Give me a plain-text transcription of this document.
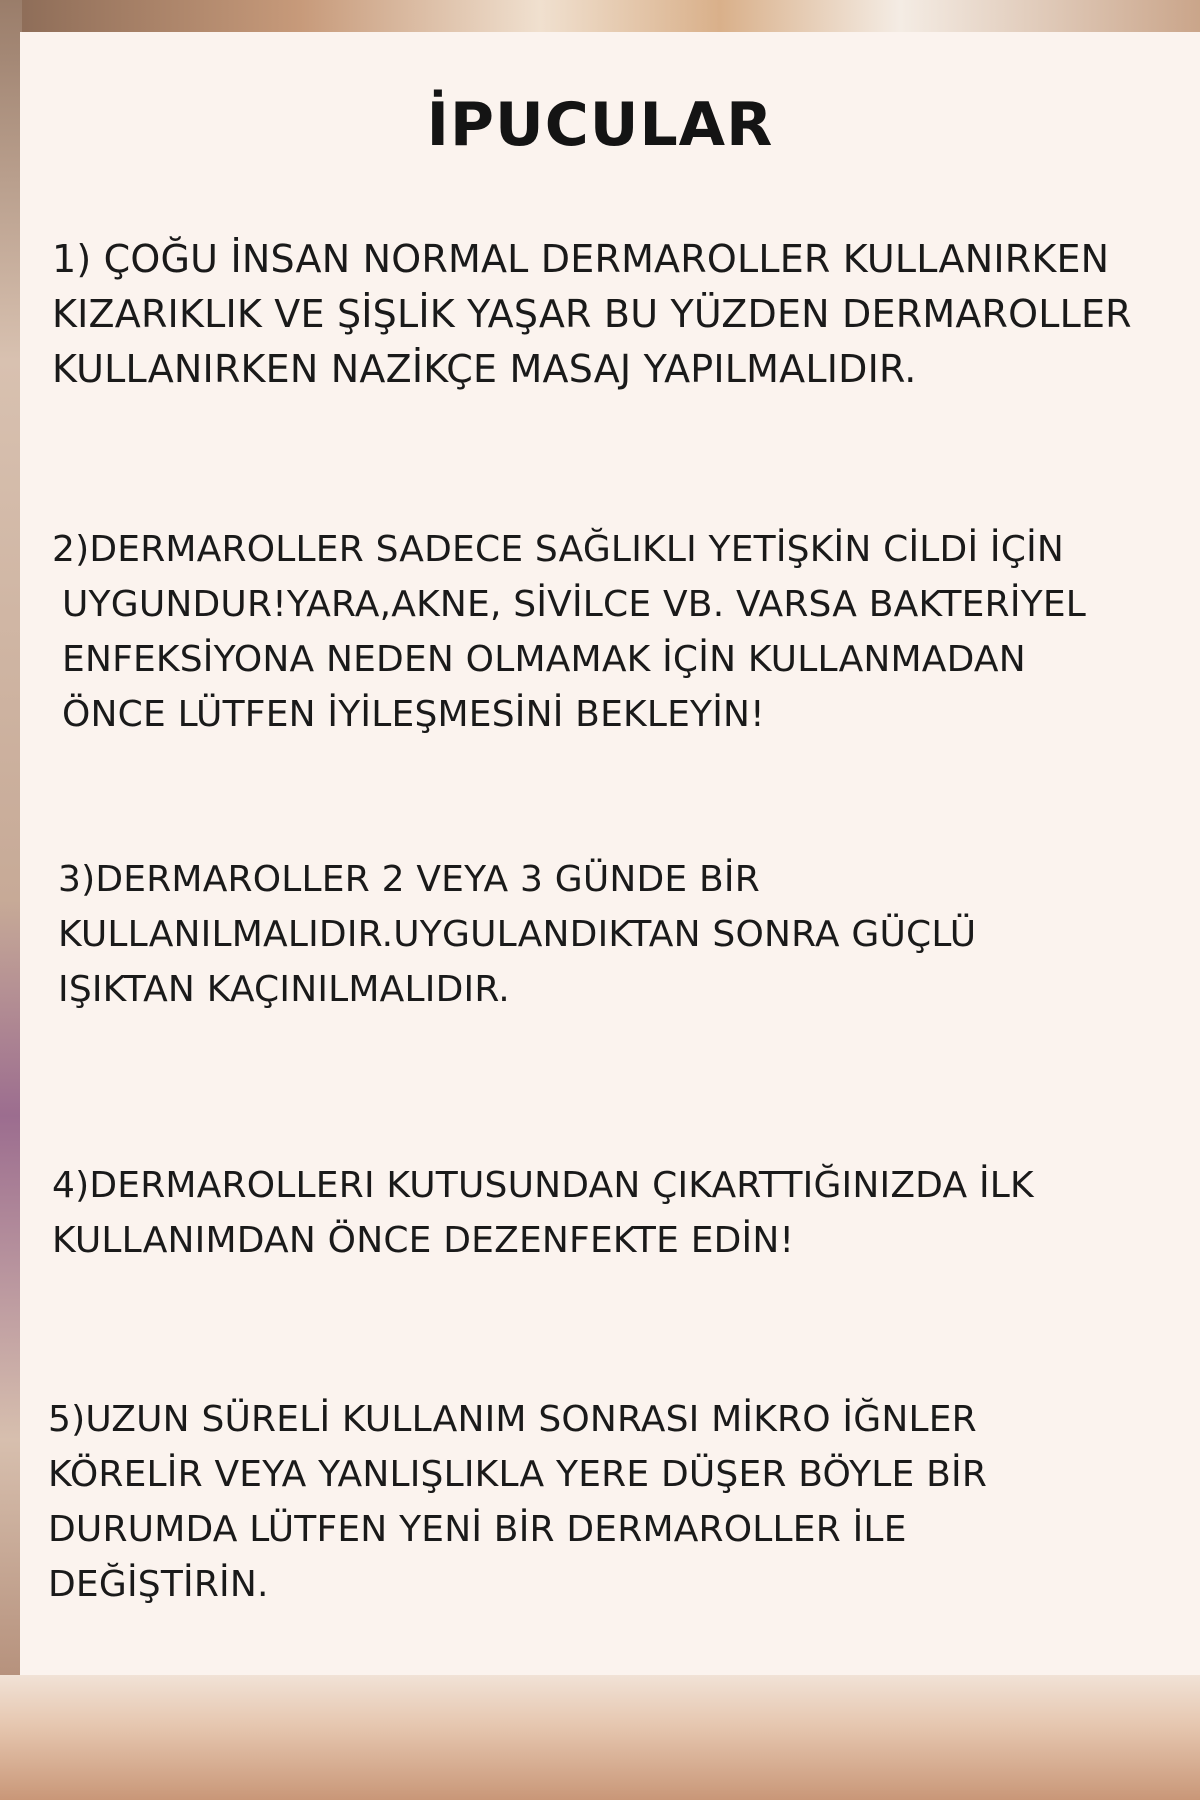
İPUCULAR

1) ÇOĞU İNSAN NORMAL DERMAROLLER KULLANIRKEN
KIZARIKLIK VE ŞİŞLİK YAŞAR BU YÜZDEN DERMAROLLER
KULLANIRKEN NAZİKÇE MASAJ YAPILMALIDIR.

2)DERMAROLLER SADECE SAĞLIKLI YETİŞKİN CİLDİ İÇİN
UYGUNDUR!YARA,AKNE, SİVİLCE VB. VARSA BAKTERİYEL
ENFEKSİYONA NEDEN OLMAMAK İÇİN KULLANMADAN
ÖNCE LÜTFEN İYİLEŞMESİNİ BEKLEYİN!

3)DERMAROLLER 2 VEYA 3 GÜNDE BİR
KULLANILMALIDIR.UYGULANDIKTAN SONRA GÜÇLÜ
IŞIKTAN KAÇINILMALIDIR.

4)DERMAROLLERI KUTUSUNDAN ÇIKARTTIĞINIZDA İLK
KULLANIMDAN ÖNCE DEZENFEKTE EDİN!

5)UZUN SÜRELİ KULLANIM SONRASI MİKRO İĞNLER
KÖRELİR VEYA YANLIŞLIKLA YERE DÜŞER BÖYLE BİR
DURUMDA LÜTFEN YENİ BİR DERMAROLLER İLE
DEĞİŞTİRİN.
